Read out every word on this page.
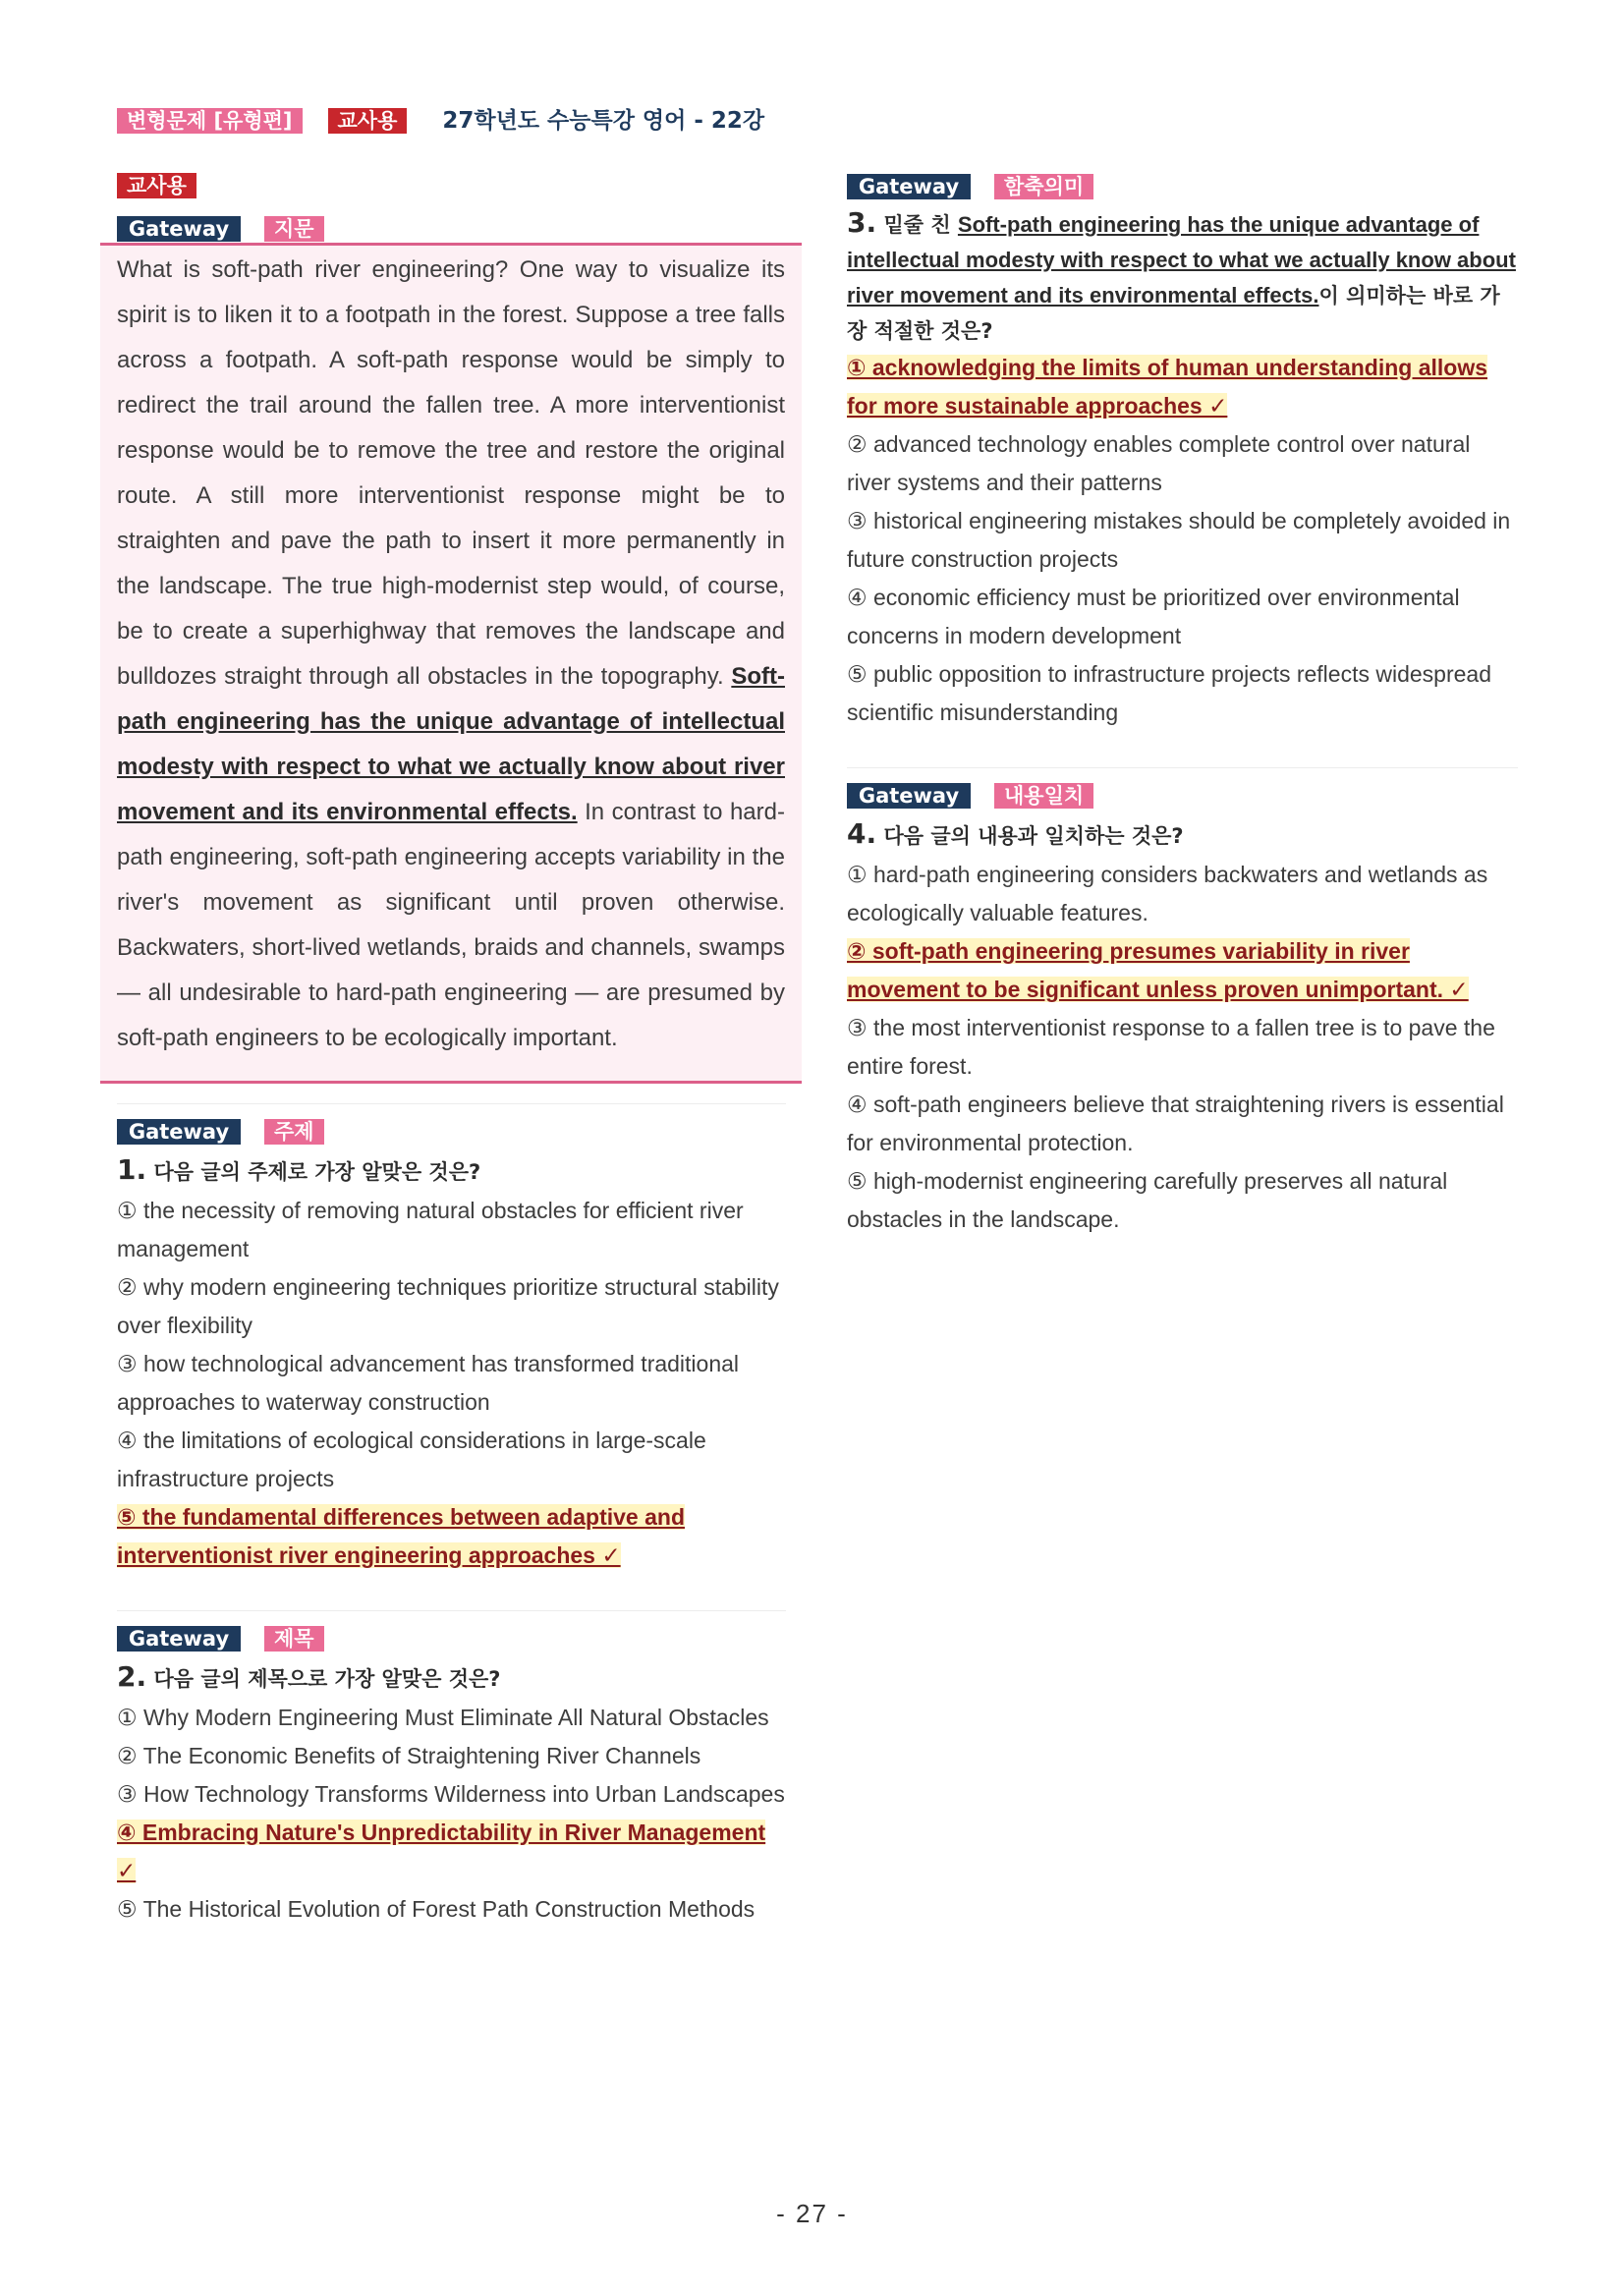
변형문제 [유형편]	교사용	27학년도 수능특강 영어 - 22강
교사용
Gateway	지문

What is soft-path river engineering? One way to visualize its spirit is to liken it to a footpath in the forest. Suppose a tree falls across a footpath. A soft-path response would be simply to redirect the trail around the fallen tree. A more interventionist response would be to remove the tree and restore the original route. A still more interventionist response might be to straighten and pave the path to insert it more permanently in the landscape. The true high-modernist step would, of course, be to create a superhighway that removes the landscape and bulldozes straight through all obstacles in the topography. Soft-path engineering has the unique advantage of intellectual modesty with respect to what we actually know about river movement and its environmental effects. In contrast to hard-path engineering, soft-path engineering accepts variability in the river's movement as significant until proven otherwise. Backwaters, short-lived wetlands, braids and channels, swamps — all undesirable to hard-path engineering — are presumed by soft-path engineers to be ecologically important.

Gateway	주제
1. 다음 글의 주제로 가장 알맞은 것은?
① the necessity of removing natural obstacles for efficient river management
② why modern engineering techniques prioritize structural stability over flexibility
③ how technological advancement has transformed traditional approaches to waterway construction
④ the limitations of ecological considerations in large-scale infrastructure projects
⑤ the fundamental differences between adaptive and interventionist river engineering approaches ✓
Gateway	제목
2. 다음 글의 제목으로 가장 알맞은 것은?
① Why Modern Engineering Must Eliminate All Natural Obstacles
② The Economic Benefits of Straightening River Channels
③ How Technology Transforms Wilderness into Urban Landscapes
④ Embracing Nature's Unpredictability in River Management ✓
⑤ The Historical Evolution of Forest Path Construction Methods
Gateway	함축의미
3. 밑줄 친 Soft-path engineering has the unique advantage of intellectual modesty with respect to what we actually know about river movement and its environmental effects.이 의미하는 바로 가장 적절한 것은?
① acknowledging the limits of human understanding allows for more sustainable approaches ✓
② advanced technology enables complete control over natural river systems and their patterns
③ historical engineering mistakes should be completely avoided in future construction projects
④ economic efficiency must be prioritized over environmental concerns in modern development
⑤ public opposition to infrastructure projects reflects widespread scientific misunderstanding
Gateway	내용일치
4. 다음 글의 내용과 일치하는 것은?
① hard-path engineering considers backwaters and wetlands as ecologically valuable features.
② soft-path engineering presumes variability in river movement to be significant unless proven unimportant. ✓
③ the most interventionist response to a fallen tree is to pave the entire forest.
④ soft-path engineers believe that straightening rivers is essential for environmental protection.
⑤ high-modernist engineering carefully preserves all natural obstacles in the landscape.
- 27 -
